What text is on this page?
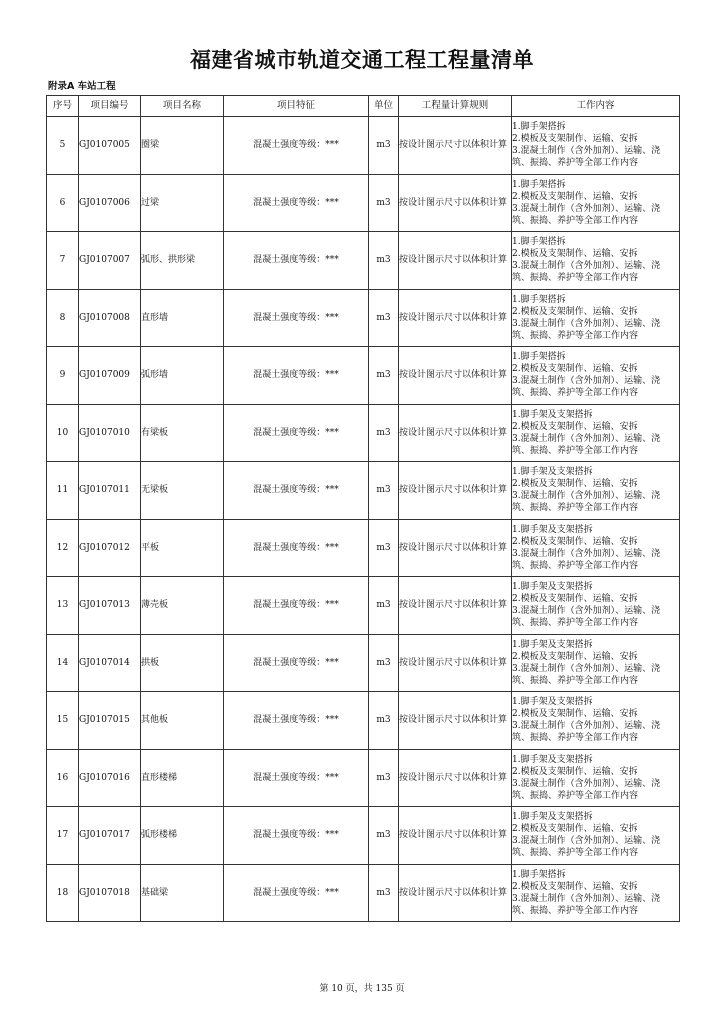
福建省城市轨道交通工程工程量清单
附录A 车站工程
序号	项目编号	项目名称	项目特征	单位	工程量计算规则	工作内容
5	GJ0107005	圈梁	混凝土强度等级：***	m3	按设计图示尺寸以体积计算	1.脚手架搭拆
2.模板及支架制作、运输、安拆
3.混凝土制作（含外加剂）、运输、浇
筑、振捣、养护等全部工作内容

6	GJ0107006	过梁	混凝土强度等级：***	m3	按设计图示尺寸以体积计算	1.脚手架搭拆
2.模板及支架制作、运输、安拆
3.混凝土制作（含外加剂）、运输、浇
筑、振捣、养护等全部工作内容

7	GJ0107007	弧形、拱形梁	混凝土强度等级：***	m3	按设计图示尺寸以体积计算	1.脚手架搭拆
2.模板及支架制作、运输、安拆
3.混凝土制作（含外加剂）、运输、浇
筑、振捣、养护等全部工作内容

8	GJ0107008	直形墙	混凝土强度等级：***	m3	按设计图示尺寸以体积计算	1.脚手架搭拆
2.模板及支架制作、运输、安拆
3.混凝土制作（含外加剂）、运输、浇
筑、振捣、养护等全部工作内容

9	GJ0107009	弧形墙	混凝土强度等级：***	m3	按设计图示尺寸以体积计算	1.脚手架搭拆
2.模板及支架制作、运输、安拆
3.混凝土制作（含外加剂）、运输、浇
筑、振捣、养护等全部工作内容

10	GJ0107010	有梁板	混凝土强度等级：***	m3	按设计图示尺寸以体积计算	1.脚手架及支架搭拆
2.模板及支架制作、运输、安拆
3.混凝土制作（含外加剂）、运输、浇
筑、振捣、养护等全部工作内容

11	GJ0107011	无梁板	混凝土强度等级：***	m3	按设计图示尺寸以体积计算	1.脚手架及支架搭拆
2.模板及支架制作、运输、安拆
3.混凝土制作（含外加剂）、运输、浇
筑、振捣、养护等全部工作内容

12	GJ0107012	平板	混凝土强度等级：***	m3	按设计图示尺寸以体积计算	1.脚手架及支架搭拆
2.模板及支架制作、运输、安拆
3.混凝土制作（含外加剂）、运输、浇
筑、振捣、养护等全部工作内容

13	GJ0107013	薄壳板	混凝土强度等级：***	m3	按设计图示尺寸以体积计算	1.脚手架及支架搭拆
2.模板及支架制作、运输、安拆
3.混凝土制作（含外加剂）、运输、浇
筑、振捣、养护等全部工作内容

14	GJ0107014	拱板	混凝土强度等级：***	m3	按设计图示尺寸以体积计算	1.脚手架及支架搭拆
2.模板及支架制作、运输、安拆
3.混凝土制作（含外加剂）、运输、浇
筑、振捣、养护等全部工作内容

15	GJ0107015	其他板	混凝土强度等级：***	m3	按设计图示尺寸以体积计算	1.脚手架及支架搭拆
2.模板及支架制作、运输、安拆
3.混凝土制作（含外加剂）、运输、浇
筑、振捣、养护等全部工作内容

16	GJ0107016	直形楼梯	混凝土强度等级：***	m3	按设计图示尺寸以体积计算	1.脚手架及支架搭拆
2.模板及支架制作、运输、安拆
3.混凝土制作（含外加剂）、运输、浇
筑、振捣、养护等全部工作内容

17	GJ0107017	弧形楼梯	混凝土强度等级：***	m3	按设计图示尺寸以体积计算	1.脚手架及支架搭拆
2.模板及支架制作、运输、安拆
3.混凝土制作（含外加剂）、运输、浇
筑、振捣、养护等全部工作内容

18	GJ0107018	基础梁	混凝土强度等级：***	m3	按设计图示尺寸以体积计算	1.脚手架搭拆
2.模板及支架制作、运输、安拆
3.混凝土制作（含外加剂）、运输、浇
筑、振捣、养护等全部工作内容
第 10 页，共 135 页
